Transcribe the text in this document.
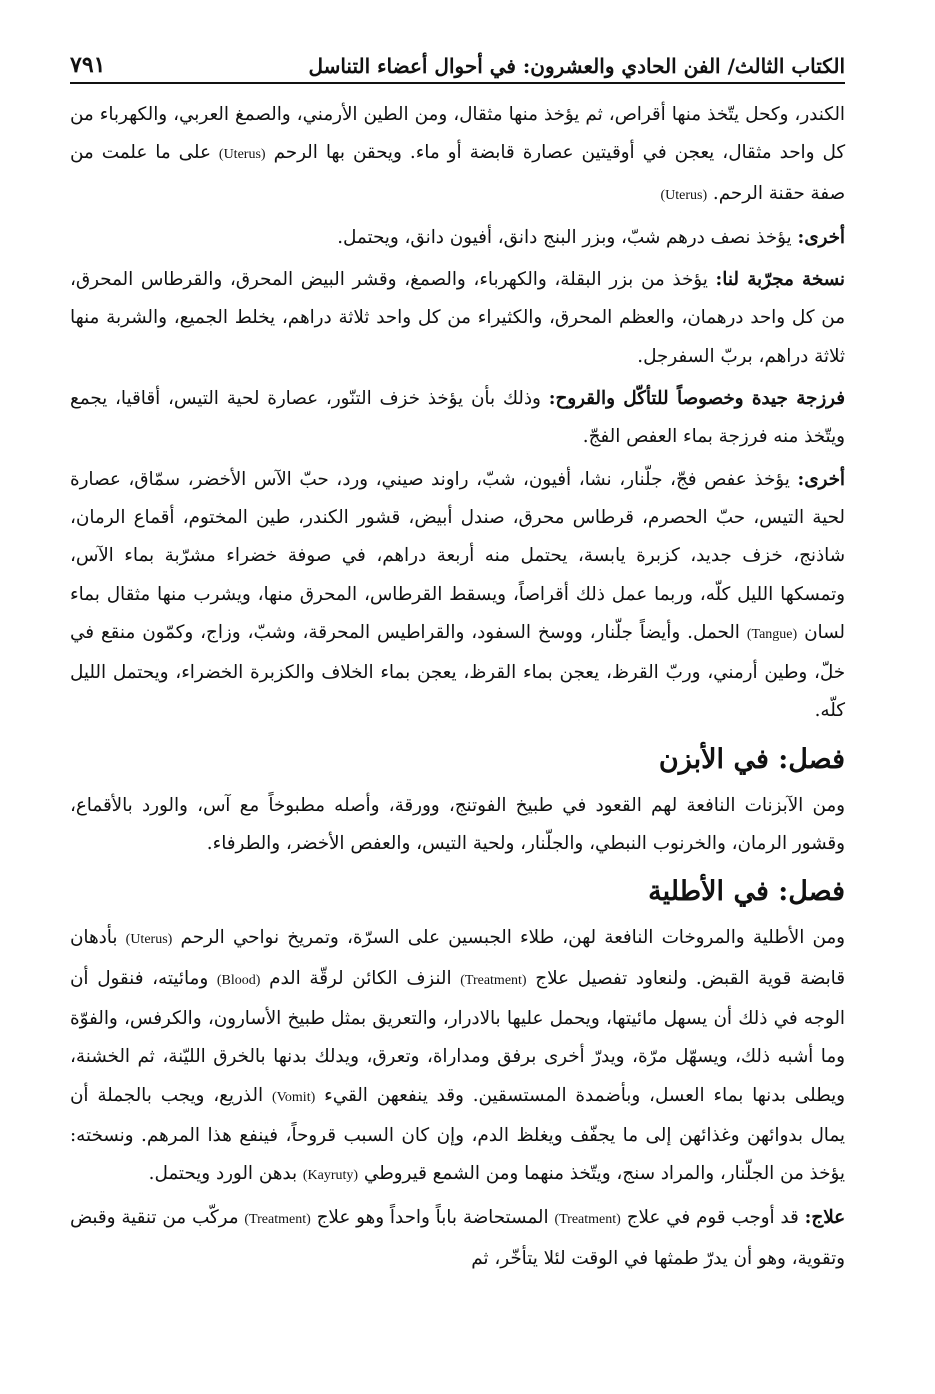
الكتاب الثالث/ الفن الحادي والعشرون: في أحوال أعضاء التناسل
٧٩١

الكندر، وكحل يتّخذ منها أقراص، ثم يؤخذ منها مثقال، ومن الطين الأرمني، والصمغ العربي، والكهرباء من كل واحد مثقال، يعجن في أوقيتين عصارة قابضة أو ماء. ويحقن بها الرحم (Uterus) على ما علمت من صفة حقنة الرحم. (Uterus)

أخرى: يؤخذ نصف درهم شبّ، وبزر البنج دانق، أفيون دانق، ويحتمل.

نسخة مجرّبة لنا: يؤخذ من بزر البقلة، والكهرباء، والصمغ، وقشر البيض المحرق، والقرطاس المحرق، من كل واحد درهمان، والعظم المحرق، والكثيراء من كل واحد ثلاثة دراهم، يخلط الجميع، والشربة منها ثلاثة دراهم، بربّ السفرجل.

فرزجة جيدة وخصوصاً للتأكّل والقروح: وذلك بأن يؤخذ خزف التنّور، عصارة لحية التيس، أقاقيا، يجمع ويتّخذ منه فرزجة بماء العفص الفجّ.

أخرى: يؤخذ عفص فجّ، جلّنار، نشا، أفيون، شبّ، راوند صيني، ورد، حبّ الآس الأخضر، سمّاق، عصارة لحية التيس، حبّ الحصرم، قرطاس محرق، صندل أبيض، قشور الكندر، طين المختوم، أقماع الرمان، شاذنج، خزف جديد، كزبرة يابسة، يحتمل منه أربعة دراهم، في صوفة خضراء مشرّبة بماء الآس، وتمسكها الليل كلّه، وربما عمل ذلك أقراصاً، ويسقط القرطاس، المحرق منها، ويشرب منها مثقال بماء لسان (Tangue) الحمل. وأيضاً جلّنار، ووسخ السفود، والقراطيس المحرقة، وشبّ، وزاج، وكمّون منقع في خلّ، وطين أرمني، وربّ القرظ، يعجن بماء القرظ، يعجن بماء الخلاف والكزبرة الخضراء، ويحتمل الليل كلّه.

فصل: في الأبزن

ومن الآبزنات النافعة لهم القعود في طبيخ الفوتنج، وورقة، وأصله مطبوخاً مع آس، والورد بالأقماع، وقشور الرمان، والخرنوب النبطي، والجلّنار، ولحية التيس، والعفص الأخضر، والطرفاء.

فصل: في الأطلية

ومن الأطلية والمروخات النافعة لهن، طلاء الجبسين على السرّة، وتمريخ نواحي الرحم (Uterus) بأدهان قابضة قوية القبض. ولنعاود تفصيل علاج (Treatment) النزف الكائن لرقّة الدم (Blood) ومائيته، فنقول أن الوجه في ذلك أن يسهل مائيتها، ويحمل عليها بالادرار، والتعريق بمثل طبيخ الأسارون، والكرفس، والفوّة وما أشبه ذلك، ويسهّل مرّة، ويدرّ أخرى برفق ومداراة، وتعرق، ويدلك بدنها بالخرق الليّنة، ثم الخشنة، ويطلى بدنها بماء العسل، وبأضمدة المستسقين. وقد ينفعهن القيء (Vomit) الذريع، ويجب بالجملة أن يمال بدوائهن وغذائهن إلى ما يجفّف ويغلظ الدم، وإن كان السبب قروحاً، فينفع هذا المرهم. ونسخته: يؤخذ من الجلّنار، والمراد سنج، ويتّخذ منهما ومن الشمع قيروطي (Kayruty) بدهن الورد ويحتمل.

علاج: قد أوجب قوم في علاج (Treatment) المستحاضة باباً واحداً وهو علاج (Treatment) مركّب من تنقية وقبض وتقوية، وهو أن يدرّ طمثها في الوقت لئلا يتأخّر، ثم
